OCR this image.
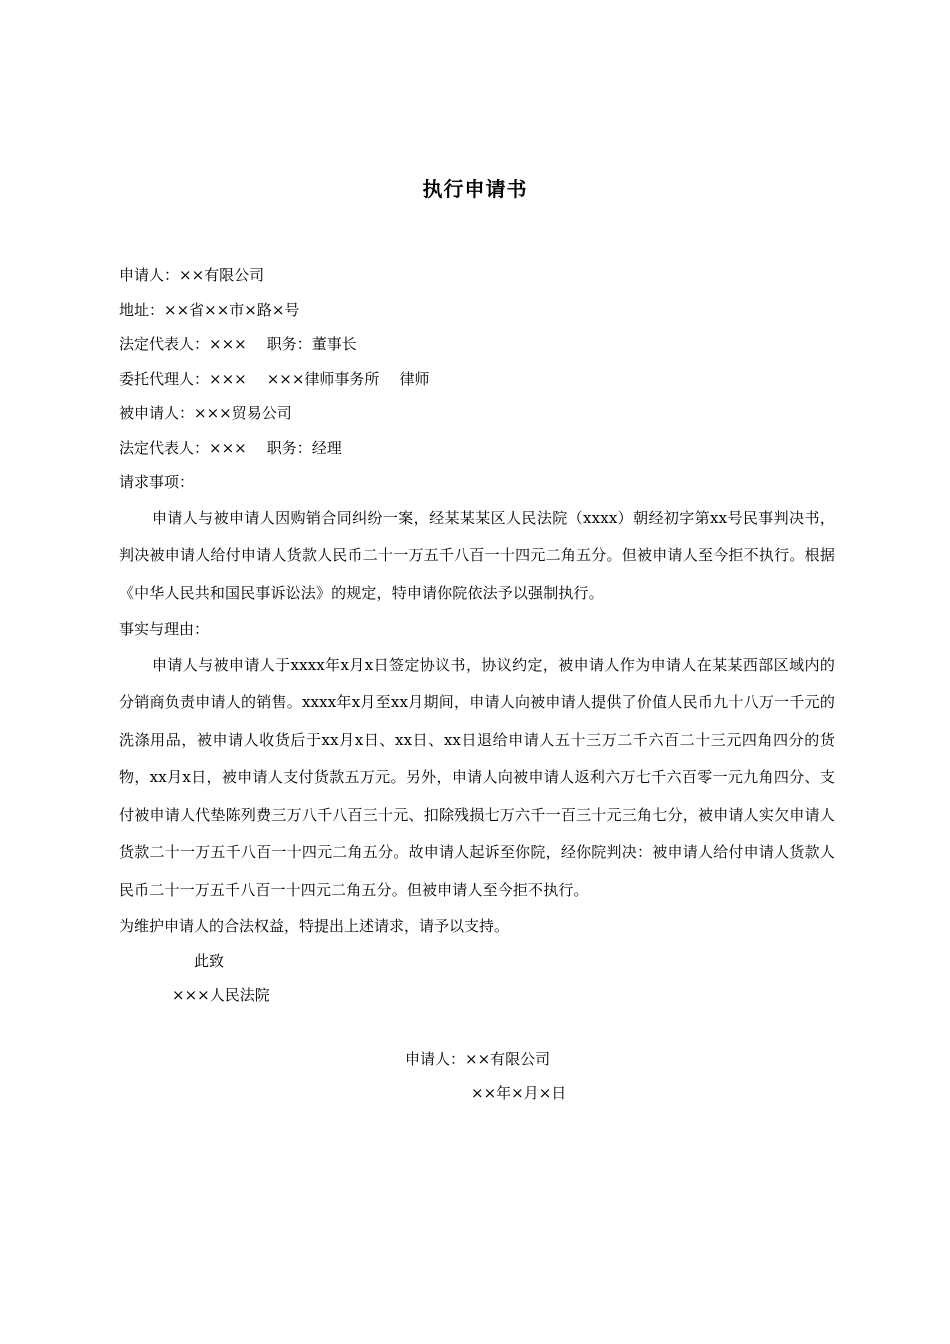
执行申请书
申请人：××有限公司
地址：××省××市×路×号
法定代表人：××× 职务：董事长
委托代理人：××× ×××律师事务所 律师
被申请人：×××贸易公司
法定代表人：××× 职务：经理
请求事项：
申请人与被申请人因购销合同纠纷一案，经某某某区人民法院（xxxx）朝经初字第xx号民事判决书，判决被申请人给付申请人货款人民币二十一万五千八百一十四元二角五分。但被申请人至今拒不执行。根据《中华人民共和国民事诉讼法》的规定，特申请你院依法予以强制执行。
事实与理由：
申请人与被申请人于xxxx年x月x日签定协议书，协议约定，被申请人作为申请人在某某西部区域内的分销商负责申请人的销售。xxxx年x月至xx月期间，申请人向被申请人提供了价值人民币九十八万一千元的洗涤用品，被申请人收货后于xx月x日、xx日、xx日退给申请人五十三万二千六百二十三元四角四分的货物，xx月x日，被申请人支付货款五万元。另外，申请人向被申请人返利六万七千六百零一元九角四分、支付被申请人代垫陈列费三万八千八百三十元、扣除残损七万六千一百三十元三角七分，被申请人实欠申请人货款二十一万五千八百一十四元二角五分。故申请人起诉至你院，经你院判决：被申请人给付申请人货款人民币二十一万五千八百一十四元二角五分。但被申请人至今拒不执行。
为维护申请人的合法权益，特提出上述请求，请予以支持。
此致
×××人民法院
申请人：××有限公司
××年×月×日
